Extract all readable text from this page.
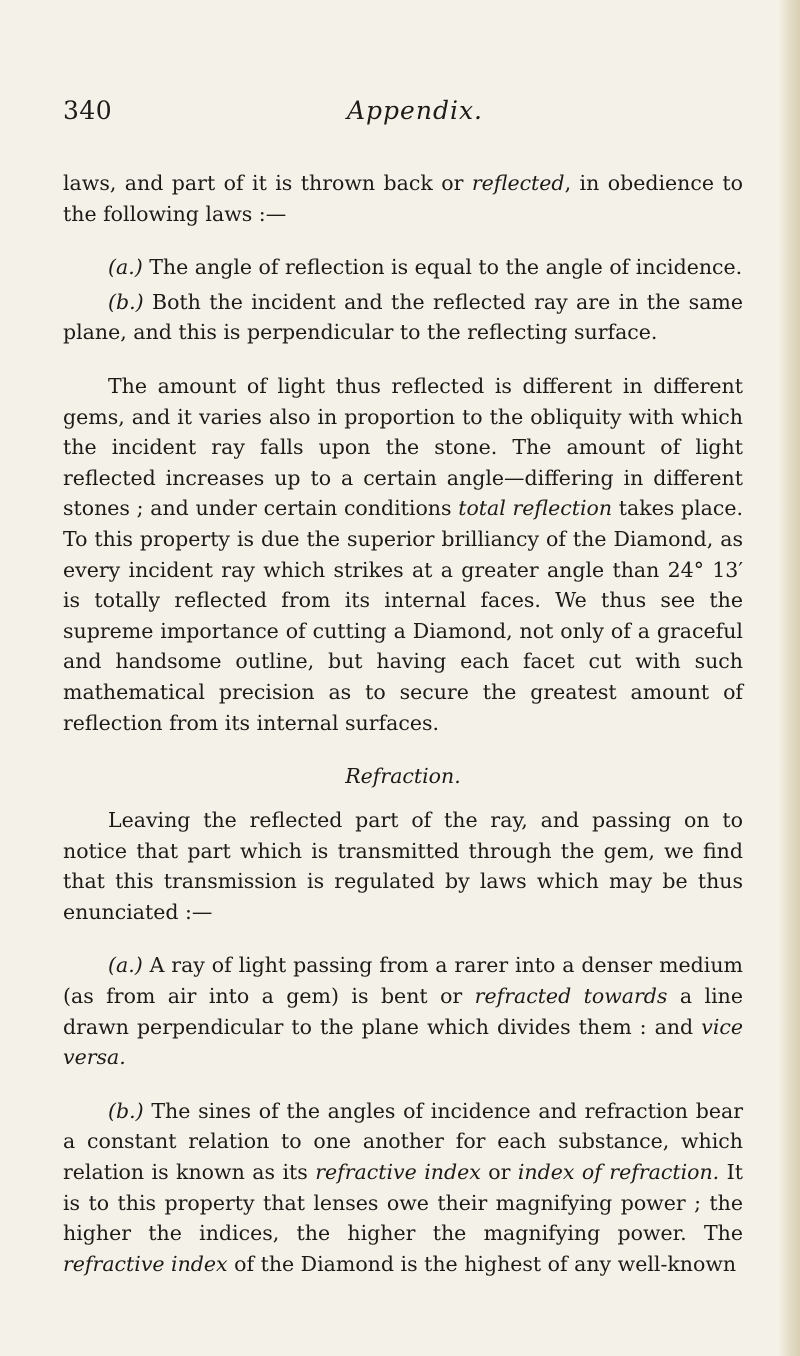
340	Appendix.

laws, and part of it is thrown back or reflected, in obedience to the following laws :—

(a.) The angle of reflection is equal to the angle of incidence.

(b.) Both the incident and the reflected ray are in the same plane, and this is perpendicular to the reflecting surface.

The amount of light thus reflected is different in different gems, and it varies also in proportion to the obliquity with which the incident ray falls upon the stone. The amount of light reflected increases up to a certain angle—differing in different stones ; and under certain conditions total reflection takes place. To this property is due the superior brilliancy of the Diamond, as every incident ray which strikes at a greater angle than 24° 13′ is totally reflected from its internal faces. We thus see the supreme importance of cutting a Diamond, not only of a graceful and handsome outline, but having each facet cut with such mathematical precision as to secure the greatest amount of reflection from its internal surfaces.

Refraction.

Leaving the reflected part of the ray, and passing on to notice that part which is transmitted through the gem, we find that this transmission is regulated by laws which may be thus enunciated :—

(a.) A ray of light passing from a rarer into a denser medium (as from air into a gem) is bent or refracted towards a line drawn perpendicular to the plane which divides them : and vice versa.

(b.) The sines of the angles of incidence and refraction bear a constant relation to one another for each substance, which relation is known as its refractive index or index of refraction. It is to this property that lenses owe their magnifying power ; the higher the indices, the higher the magnifying power. The refractive index of the Diamond is the highest of any well-known
